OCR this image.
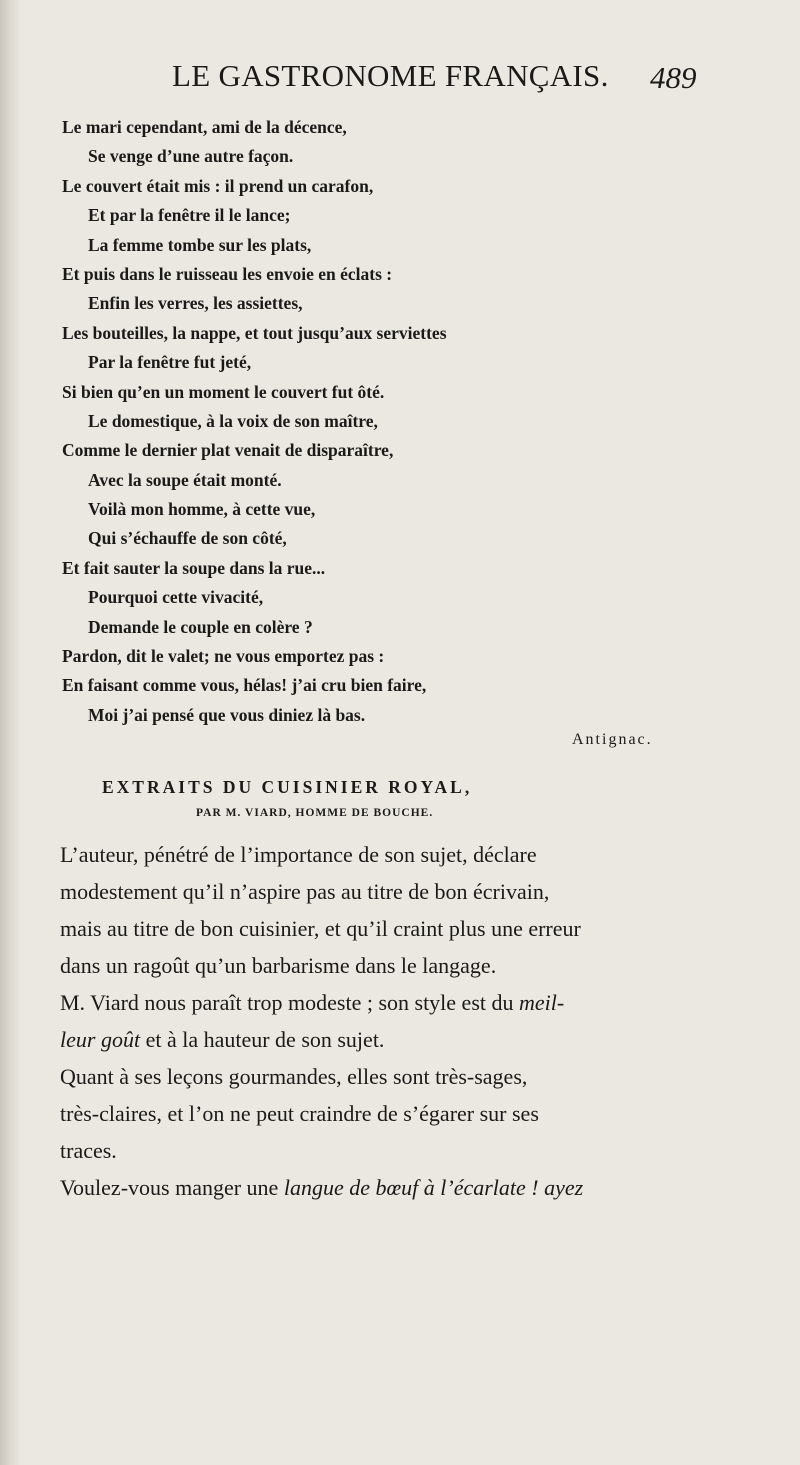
LE GASTRONOME FRANÇAIS. 489
Le mari cependant, ami de la décence,
Se venge d’une autre façon.
Le couvert était mis : il prend un carafon,
Et par la fenêtre il le lance;
La femme tombe sur les plats,
Et puis dans le ruisseau les envoie en éclats :
Enfin les verres, les assiettes,
Les bouteilles, la nappe, et tout jusqu’aux serviettes
Par la fenêtre fut jeté,
Si bien qu’en un moment le couvert fut ôté.
Le domestique, à la voix de son maître,
Comme le dernier plat venait de disparaître,
Avec la soupe était monté.
Voilà mon homme, à cette vue,
Qui s’échauffe de son côté,
Et fait sauter la soupe dans la rue...
Pourquoi cette vivacité,
Demande le couple en colère ?
Pardon, dit le valet; ne vous emportez pas :
En faisant comme vous, hélas! j’ai cru bien faire,
Moi j’ai pensé que vous diniez là bas.
Antignac.
EXTRAITS DU CUISINIER ROYAL,
PAR M. VIARD, HOMME DE BOUCHE.
L’auteur, pénétré de l’importance de son sujet, déclare
modestement qu’il n’aspire pas au titre de bon écrivain,
mais au titre de bon cuisinier, et qu’il craint plus une erreur
dans un ragoût qu’un barbarisme dans le langage.
M. Viard nous paraît trop modeste ; son style est du meil-
leur goût et à la hauteur de son sujet.
Quant à ses leçons gourmandes, elles sont très-sages,
très-claires, et l’on ne peut craindre de s’égarer sur ses
traces.
Voulez-vous manger une langue de bœuf à l’écarlate ! ayez
